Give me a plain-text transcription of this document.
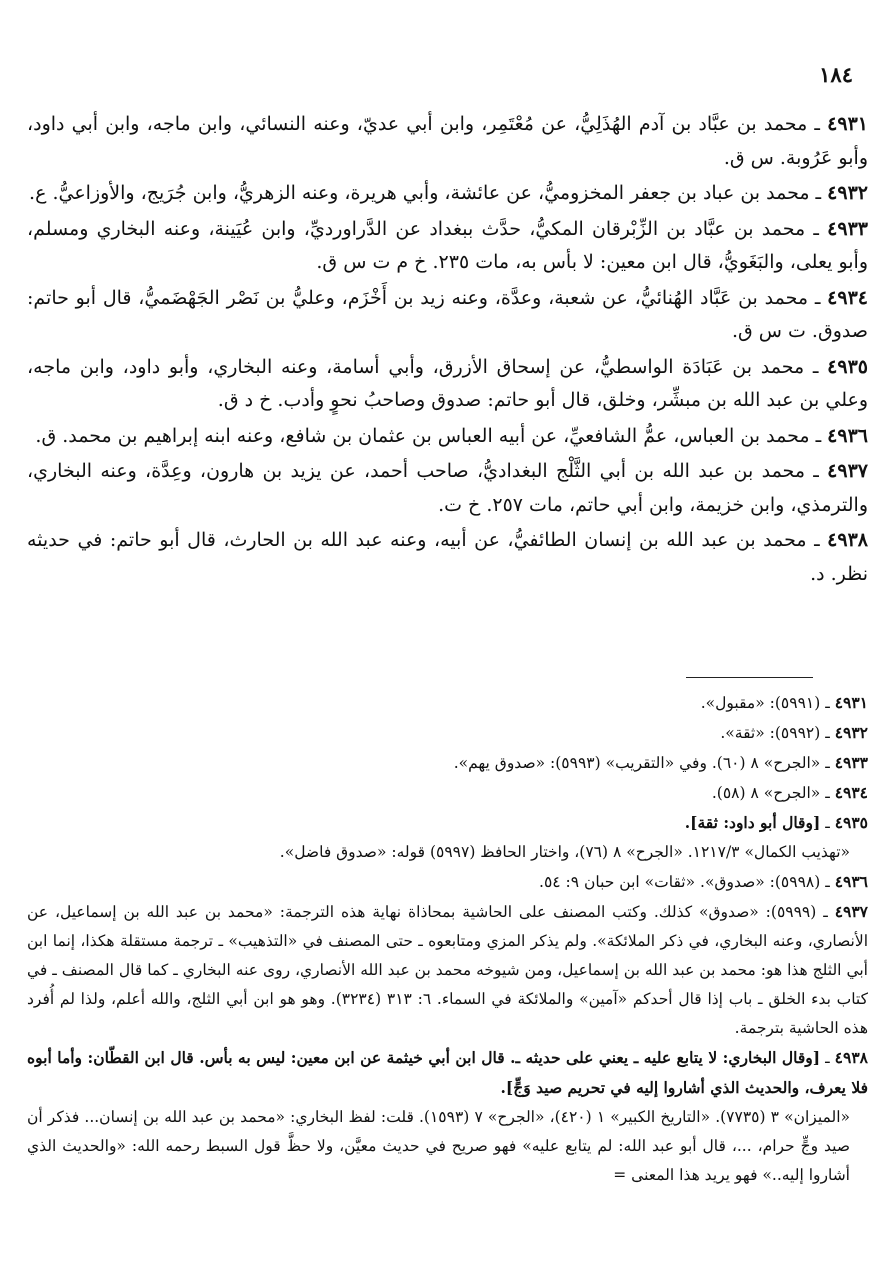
١٨٤

٤٩٣١ ـ محمد بن عبَّاد بن آدم الهُذَلِيُّ، عن مُعْتَمِر، وابن أبي عديّ، وعنه النسائي، وابن ماجه، وابن أبي داود، وأبو عَرُوبة. س ق.

٤٩٣٢ ـ محمد بن عباد بن جعفر المخزوميُّ، عن عائشة، وأبي هريرة، وعنه الزهريُّ، وابن جُرَيج، والأوزاعيُّ. ع.

٤٩٣٣ ـ محمد بن عبَّاد بن الزِّبْرقان المكيُّ، حدَّث ببغداد عن الدَّراورديِّ، وابن عُيَينة، وعنه البخاري ومسلم، وأبو يعلى، والبَغَويُّ، قال ابن معين: لا بأس به، مات ٢٣٥. خ م ت س ق.

٤٩٣٤ ـ محمد بن عَبَّاد الهُنائيُّ، عن شعبة، وعدَّة، وعنه زيد بن أَخْزَم، وعليُّ بن نَصْر الجَهْضَميُّ، قال أبو حاتم: صدوق. ت س ق.

٤٩٣٥ ـ محمد بن عَبَادَة الواسطيُّ، عن إسحاق الأزرق، وأبي أسامة، وعنه البخاري، وأبو داود، وابن ماجه، وعلي بن عبد الله بن مبشِّر، وخلق، قال أبو حاتم: صدوق وصاحبُ نحوٍ وأدب. خ د ق.

٤٩٣٦ ـ محمد بن العباس، عمُّ الشافعيِّ، عن أبيه العباس بن عثمان بن شافع، وعنه ابنه إبراهيم بن محمد. ق.

٤٩٣٧ ـ محمد بن عبد الله بن أبي الثَّلْج البغداديُّ، صاحب أحمد، عن يزيد بن هارون، وعِدَّة، وعنه البخاري، والترمذي، وابن خزيمة، وابن أبي حاتم، مات ٢٥٧. خ ت.

٤٩٣٨ ـ محمد بن عبد الله بن إنسان الطائفيُّ، عن أبيه، وعنه عبد الله بن الحارث، قال أبو حاتم: في حديثه نظر. د.

٤٩٣١ ـ (٥٩٩١): «مقبول».

٤٩٣٢ ـ (٥٩٩٢): «ثقة».

٤٩٣٣ ـ «الجرح» ٨ (٦٠). وفي «التقريب» (٥٩٩٣): «صدوق يهم».

٤٩٣٤ ـ «الجرح» ٨ (٥٨).

٤٩٣٥ ـ [وقال أبو داود: ثقة].

«تهذيب الكمال» ١٢١٧/٣. «الجرح» ٨ (٧٦)، واختار الحافظ (٥٩٩٧) قوله: «صدوق فاضل».

٤٩٣٦ ـ (٥٩٩٨): «صدوق». «ثقات» ابن حبان ٩: ٥٤.

٤٩٣٧ ـ (٥٩٩٩): «صدوق» كذلك. وكتب المصنف على الحاشية بمحاذاة نهاية هذه الترجمة: «محمد بن عبد الله بن إسماعيل، عن الأنصاري، وعنه البخاري، في ذكر الملائكة». ولم يذكر المزي ومتابعوه ـ حتى المصنف في «التذهيب» ـ ترجمة مستقلة هكذا، إنما ابن أبي الثلج هذا هو: محمد بن عبد الله بن إسماعيل، ومن شيوخه محمد بن عبد الله الأنصاري، روى عنه البخاري ـ كما قال المصنف ـ في كتاب بدء الخلق ـ باب إذا قال أحدكم «آمين» والملائكة في السماء. ٦: ٣١٣ (٣٢٣٤). وهو هو ابن أبي الثلج، والله أعلم، ولذا لم أُفرد هذه الحاشية بترجمة.

٤٩٣٨ ـ [وقال البخاري: لا يتابع عليه ـ يعني على حديثه ـ. قال ابن أبي خيثمة عن ابن معين: ليس به بأس. قال ابن القطّان: وأما أبوه فلا يعرف، والحديث الذي أشاروا إليه في تحريم صيد وَجٍّ].

«الميزان» ٣ (٧٧٣٥). «التاريخ الكبير» ١ (٤٢٠)، «الجرح» ٧ (١٥٩٣). قلت: لفظ البخاري: «محمد بن عبد الله بن إنسان... فذكر أن صيد وجٍّ حرام، ...، قال أبو عبد الله: لم يتابع عليه» فهو صريح في حديث معيَّن، ولا حظَّ قول السبط رحمه الله: «والحديث الذي أشاروا إليه..» فهو يريد هذا المعنى =
